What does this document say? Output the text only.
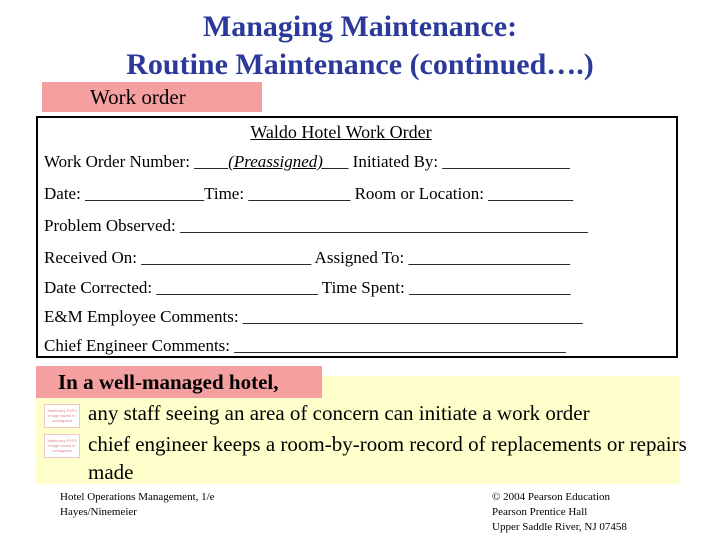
Managing Maintenance:
Routine Maintenance (continued….)
Work order
Waldo Hotel Work Order
Work Order Number: ____(Preassigned)___ Initiated By: _______________
Date: ______________Time: ____________ Room or Location: __________
Problem Observed: ________________________________________________
Received On: ____________________ Assigned To: ___________________
Date Corrected: ___________________ Time Spent: ___________________
E&M Employee Comments: ________________________________________
Chief Engineer Comments: _______________________________________
In a well-managed hotel,
Mankowry PI/P3 image saved in contagnent any staff seeing an area of concern can initiate a work order
Mankowry PI/P3 image saved in contagnent chief engineer keeps a room-by-room record of replacements or repairs made
Hotel Operations Management, 1/e
Hayes/Ninemeier
© 2004 Pearson Education
Pearson Prentice Hall
Upper Saddle River, NJ 07458
